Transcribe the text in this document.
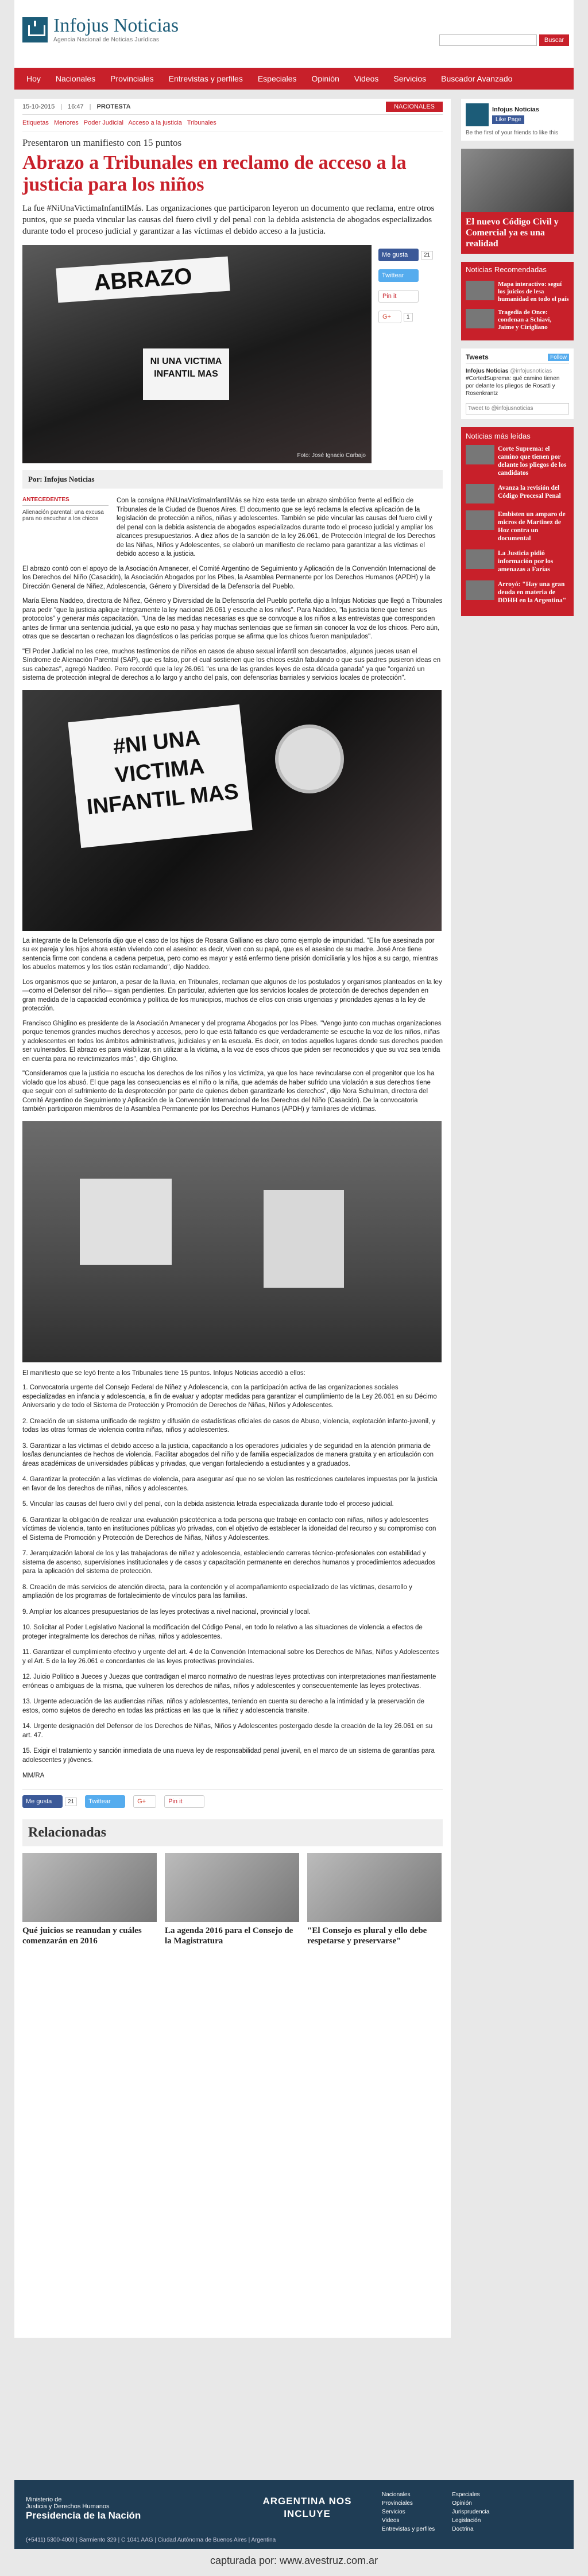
Infojus Noticias
Agencia Nacional de Noticias Jurídicas	Buscar
Hoy	Nacionales	Provinciales	Entrevistas y perfiles	Especiales	Opinión	Videos	Servicios	Buscador Avanzado
15-10-2015 | 16:47 | PROTESTA	NACIONALES
Etiquetas Menores Poder Judicial Acceso a la justicia Tribunales
Presentaron un manifiesto con 15 puntos
Abrazo a Tribunales en reclamo de acceso a la justicia para los niños

La fue #NiUnaVictimaInfantilMás. Las organizaciones que participaron leyeron un documento que reclama, entre otros puntos, que se pueda vincular las causas del fuero civil y del penal con la debida asistencia de abogados especializados durante todo el proceso judicial y garantizar a las víctimas el debido acceso a la justicia.

ABRAZO
NI UNA VICTIMA INFANTIL MAS
Foto: José Ignacio Carbajo
Me gusta	21
Twittear
Pin it
G+	1
Por: Infojus Noticias
ANTECEDENTES
Alienación parental: una excusa para no escuchar a los chicos

Con la consigna #NiUnaVíctimaInfantilMás se hizo esta tarde un abrazo simbólico frente al edificio de Tribunales de la Ciudad de Buenos Aires. El documento que se leyó reclama la efectiva aplicación de la legislación de protección a niños, niñas y adolescentes. También se pide vincular las causas del fuero civil y del penal con la debida asistencia de abogados especializados durante todo el proceso judicial y ampliar los alcances presupuestarios. A diez años de la sanción de la ley 26.061, de Protección Integral de los Derechos de las Niñas, Niños y Adolescentes, se elaboró un manifiesto de reclamo para garantizar a las víctimas el debido acceso a la justicia.

El abrazo contó con el apoyo de la Asociación Amanecer, el Comité Argentino de Seguimiento y Aplicación de la Convención Internacional de los Derechos del Niño (Casacidn), la Asociación Abogados por los Pibes, la Asamblea Permanente por los Derechos Humanos (APDH) y la Dirección General de Niñez, Adolescencia, Género y Diversidad de la Defensoría del Pueblo.

María Elena Naddeo, directora de Niñez, Género y Diversidad de la Defensoría del Pueblo porteña dijo a Infojus Noticias que llegó a Tribunales para pedir "que la justicia aplique íntegramente la ley nacional 26.061 y escuche a los niños". Para Naddeo, "la justicia tiene que tener sus protocolos" y generar más capacitación. "Una de las medidas necesarias es que se convoque a los niños a las entrevistas que corresponden antes de firmar una sentencia judicial, ya que esto no pasa y hay muchas sentencias que se firman sin conocer la voz de los chicos. Pero aún, otras que se descartan o rechazan los diagnósticos o las pericias porque se afirma que los chicos fueron manipulados".

"El Poder Judicial no les cree, muchos testimonios de niños en casos de abuso sexual infantil son descartados, algunos jueces usan el Síndrome de Alienación Parental (SAP), que es falso, por el cual sostienen que los chicos están fabulando o que sus padres pusieron ideas en sus cabezas", agregó Naddeo. Pero recordó que la ley 26.061 "es una de las grandes leyes de esta década ganada" ya que "organizó un sistema de protección integral de derechos a lo largo y ancho del país, con defensorías barriales y servicios locales de protección".

#NI UNA VICTIMA INFANTIL MAS

La integrante de la Defensoría dijo que el caso de los hijos de Rosana Galliano es claro como ejemplo de impunidad. "Ella fue asesinada por su ex pareja y los hijos ahora están viviendo con el asesino: es decir, viven con su papá, que es el asesino de su madre. José Arce tiene sentencia firme con condena a cadena perpetua, pero como es mayor y está enfermo tiene prisión domiciliaria y los hijos a su cargo, mientras los abuelos maternos y los tíos están reclamando", dijo Naddeo.

Los organismos que se juntaron, a pesar de la lluvia, en Tribunales, reclaman que algunos de los postulados y organismos planteados en la ley —como el Defensor del niño— sigan pendientes. En particular, advierten que los servicios locales de protección de derechos dependen en gran medida de la capacidad económica y política de los municipios, muchos de ellos con crisis urgencias y prioridades ajenas a la ley de protección.

Francisco Ghiglino es presidente de la Asociación Amanecer y del programa Abogados por los Pibes. "Vengo junto con muchas organizaciones porque tenemos grandes muchos derechos y accesos, pero lo que está faltando es que verdaderamente se escuche la voz de los niños, niñas y adolescentes en todos los ámbitos administrativos, judiciales y en la escuela. Es decir, en todos aquellos lugares donde sus derechos pueden ser vulnerados. El abrazo es para visibilizar, sin utilizar a la víctima, a la voz de esos chicos que piden ser reconocidos y que su voz sea tenida en cuenta para no revictimizarlos más", dijo Ghiglino.

"Consideramos que la justicia no escucha los derechos de los niños y los victimiza, ya que los hace revincularse con el progenitor que los ha violado que los abusó. El que paga las consecuencias es el niño o la niña, que además de haber sufrido una violación a sus derechos tiene que seguir con el sufrimiento de la desprotección por parte de quienes deben garantizarle los derechos", dijo Nora Schulman, directora del Comité Argentino de Seguimiento y Aplicación de la Convención Internacional de los Derechos del Niño (Casacidn). De la convocatoria también participaron miembros de la Asamblea Permanente por los Derechos Humanos (APDH) y familiares de víctimas.

El manifiesto que se leyó frente a los Tribunales tiene 15 puntos. Infojus Noticias accedió a ellos:

1. Convocatoria urgente del Consejo Federal de Niñez y Adolescencia, con la participación activa de las organizaciones sociales especializadas en infancia y adolescencia, a fin de evaluar y adoptar medidas para garantizar el cumplimiento de la Ley 26.061 en su Décimo Aniversario y de todo el Sistema de Protección y Promoción de Derechos de Niñas, Niños y Adolescentes.

2. Creación de un sistema unificado de registro y difusión de estadísticas oficiales de casos de Abuso, violencia, explotación infanto-juvenil, y todas las otras formas de violencia contra niñas, niños y adolescentes.

3. Garantizar a las víctimas el debido acceso a la justicia, capacitando a los operadores judiciales y de seguridad en la atención primaria de los/las denunciantes de hechos de violencia. Facilitar abogados del niño y de familia especializados de manera gratuita y en articulación con áreas académicas de universidades públicas y privadas, que vengan fortaleciendo a estudiantes y a graduados.

4. Garantizar la protección a las víctimas de violencia, para asegurar así que no se violen las restricciones cautelares impuestas por la justicia en favor de los derechos de niñas, niños y adolescentes.

5. Vincular las causas del fuero civil y del penal, con la debida asistencia letrada especializada durante todo el proceso judicial.

6. Garantizar la obligación de realizar una evaluación psicotécnica a toda persona que trabaje en contacto con niñas, niños y adolescentes víctimas de violencia, tanto en instituciones públicas y/o privadas, con el objetivo de establecer la idoneidad del recurso y su compromiso con el Sistema de Promoción y Protección de Derechos de Niñas, Niños y Adolescentes.

7. Jerarquización laboral de los y las trabajadoras de niñez y adolescencia, estableciendo carreras técnico-profesionales con estabilidad y sistema de ascenso, supervisiones institucionales y de casos y capacitación permanente en derechos humanos y procedimientos adecuados para la aplicación del sistema de protección.

8. Creación de más servicios de atención directa, para la contención y el acompañamiento especializado de las víctimas, desarrollo y ampliación de los programas de fortalecimiento de vínculos para las familias.

9. Ampliar los alcances presupuestarios de las leyes protectivas a nivel nacional, provincial y local.

10. Solicitar al Poder Legislativo Nacional la modificación del Código Penal, en todo lo relativo a las situaciones de violencia a efectos de proteger integralmente los derechos de niñas, niños y adolescentes.

11. Garantizar el cumplimiento efectivo y urgente del art. 4 de la Convención Internacional sobre los Derechos de Niñas, Niños y Adolescentes y el Art. 5 de la ley 26.061 e concordantes de las leyes protectivas provinciales.

12. Juicio Político a Jueces y Juezas que contradigan el marco normativo de nuestras leyes protectivas con interpretaciones manifiestamente erróneas o ambiguas de la misma, que vulneren los derechos de niñas, niños y adolescentes y consecuentemente las leyes protectivas.

13. Urgente adecuación de las audiencias niñas, niños y adolescentes, teniendo en cuenta su derecho a la intimidad y la preservación de estos, como sujetos de derecho en todas las prácticas en las que la niñez y adolescencia transite.

14. Urgente designación del Defensor de los Derechos de Niñas, Niños y Adolescentes postergado desde la creación de la ley 26.061 en su art. 47.

15. Exigir el tratamiento y sanción inmediata de una nueva ley de responsabilidad penal juvenil, en el marco de un sistema de garantías para adolescentes y jóvenes.

MM/RA

Me gusta	21	Twittear	G+	Pin it
Relacionadas
Qué juicios se reanudan y cuáles comenzarán en 2016
La agenda 2016 para el Consejo de la Magistratura
"El Consejo es plural y ello debe respetarse y preservarse"
Infojus Noticias
Like Page
Be the first of your friends to like this
El nuevo Código Civil y Comercial ya es una realidad
Noticias Recomendadas
Mapa interactivo: seguí los juicios de lesa humanidad en todo el país
Tragedia de Once: condenan a Schiavi, Jaime y Cirigliano
Tweets	Follow
Infojus Noticias @infojusnoticias
#CortedSuprema: qué camino tienen por delante los pliegos de Rosatti y Rosenkrantz
Tweet to @infojusnoticias
Noticias más leídas
Corte Suprema: el camino que tienen por delante los pliegos de los candidatos
Avanza la revisión del Código Procesal Penal
Embisten un amparo de micros de Martinez de Hoz contra un documental
La Justicia pidió información por los amenazas a Farías
Arroyó: "Hay una gran deuda en materia de DDHH en la Argentina"
Ministerio de
Justicia y Derechos Humanos
Presidencia de la Nación
ARGENTINA NOS INCLUYE
Nacionales
Provinciales
Servicios
Videos
Entrevistas y perfiles
Especiales
Opinión
Jurisprudencia
Legislación
Doctrina
(+5411) 5300-4000 | Sarmiento 329 | C 1041 AAG | Ciudad Autónoma de Buenos Aires | Argentina
capturada por: www.avestruz.com.ar
